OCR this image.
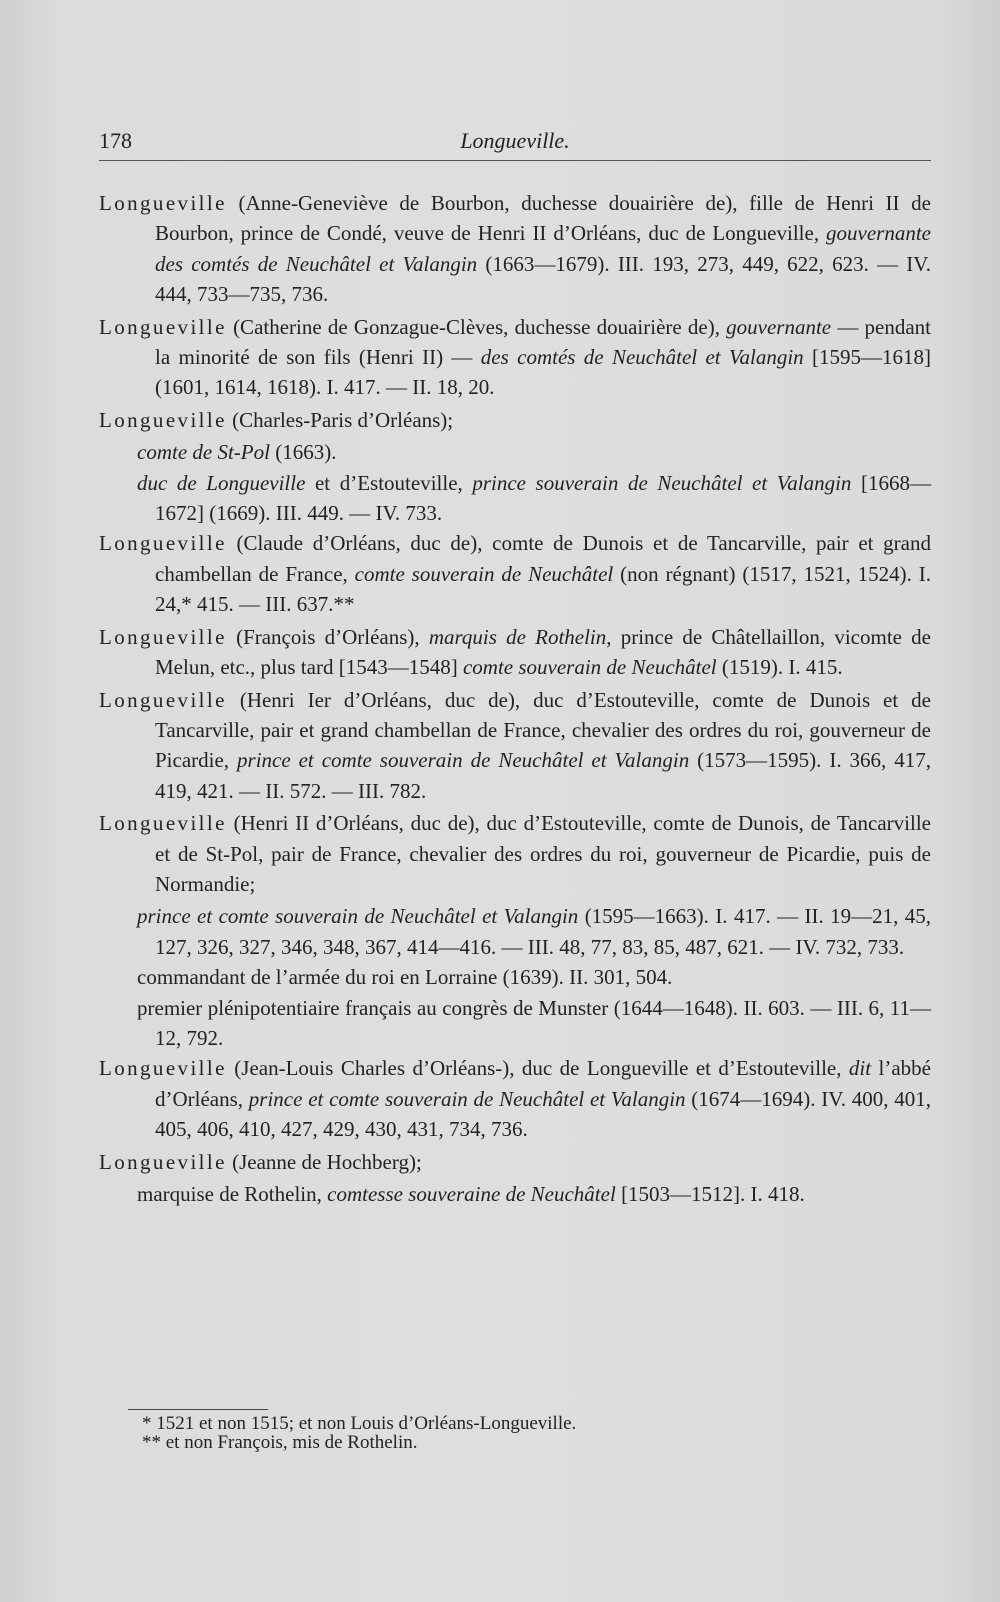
178	Longueville.

Longueville (Anne-Geneviève de Bourbon, duchesse douairière de), fille de Henri II de Bourbon, prince de Condé, veuve de Henri II d’Orléans, duc de Longueville, gouvernante des comtés de Neuchâtel et Valangin (1663—1679). III. 193, 273, 449, 622, 623. — IV. 444, 733—735, 736.

Longueville (Catherine de Gonzague-Clèves, duchesse douairière de), gouvernante — pendant la minorité de son fils (Henri II) — des comtés de Neuchâtel et Valangin [1595—1618] (1601, 1614, 1618). I. 417. — II. 18, 20.

Longueville (Charles-Paris d’Orléans);

comte de St-Pol (1663).

duc de Longueville et d’Estouteville, prince souverain de Neuchâtel et Valangin [1668—1672] (1669). III. 449. — IV. 733.

Longueville (Claude d’Orléans, duc de), comte de Dunois et de Tancarville, pair et grand chambellan de France, comte souverain de Neuchâtel (non régnant) (1517, 1521, 1524). I. 24,* 415. — III. 637.**

Longueville (François d’Orléans), marquis de Rothelin, prince de Châtellaillon, vicomte de Melun, etc., plus tard [1543—1548] comte souverain de Neuchâtel (1519). I. 415.

Longueville (Henri Ier d’Orléans, duc de), duc d’Estouteville, comte de Dunois et de Tancarville, pair et grand chambellan de France, chevalier des ordres du roi, gouverneur de Picardie, prince et comte souverain de Neuchâtel et Valangin (1573—1595). I. 366, 417, 419, 421. — II. 572. — III. 782.

Longueville (Henri II d’Orléans, duc de), duc d’Estouteville, comte de Dunois, de Tancarville et de St-Pol, pair de France, chevalier des ordres du roi, gouverneur de Picardie, puis de Normandie;

prince et comte souverain de Neuchâtel et Valangin (1595—1663). I. 417. — II. 19—21, 45, 127, 326, 327, 346, 348, 367, 414—416. — III. 48, 77, 83, 85, 487, 621. — IV. 732, 733.

commandant de l’armée du roi en Lorraine (1639). II. 301, 504.

premier plénipotentiaire français au congrès de Munster (1644—1648). II. 603. — III. 6, 11—12, 792.

Longueville (Jean-Louis Charles d’Orléans-), duc de Longueville et d’Estouteville, dit l’abbé d’Orléans, prince et comte souverain de Neuchâtel et Valangin (1674—1694). IV. 400, 401, 405, 406, 410, 427, 429, 430, 431, 734, 736.

Longueville (Jeanne de Hochberg);

marquise de Rothelin, comtesse souveraine de Neuchâtel [1503—1512]. I. 418.

* 1521 et non 1515; et non Louis d’Orléans-Longueville.
** et non François, mis de Rothelin.
